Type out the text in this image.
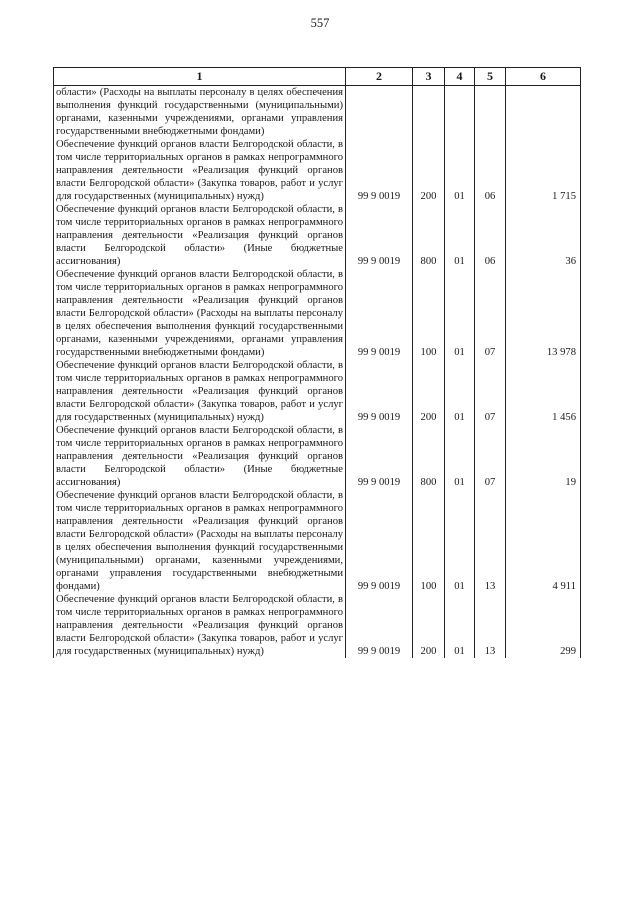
557
1	2	3	4	5	6
области» (Расходы на выплаты персоналу в целях обеспечения выполнения функций государственными (муниципальными) органами, казенными учреждениями, органами управления государственными внебюджетными фондами)					
Обеспечение функций органов власти Белгородской области, в том числе территориальных органов в рамках непрограммного направления деятельности «Реализация функций органов власти Белгородской области» (Закупка товаров, работ и услуг для государственных (муниципальных) нужд)	99 9 0019	200	01	06	1 715
Обеспечение функций органов власти Белгородской области, в том числе территориальных органов в рамках непрограммного направления деятельности «Реализация функций органов власти Белгородской области» (Иные бюджетные ассигнования)	99 9 0019	800	01	06	36
Обеспечение функций органов власти Белгородской области, в том числе территориальных органов в рамках непрограммного направления деятельности «Реализация функций органов власти Белгородской области» (Расходы на выплаты персоналу в целях обеспечения выполнения функций государственными органами, казенными учреждениями, органами управления государственными внебюджетными фондами)	99 9 0019	100	01	07	13 978
Обеспечение функций органов власти Белгородской области, в том числе территориальных органов в рамках непрограммного направления деятельности «Реализация функций органов власти Белгородской области» (Закупка товаров, работ и услуг для государственных (муниципальных) нужд)	99 9 0019	200	01	07	1 456
Обеспечение функций органов власти Белгородской области, в том числе территориальных органов в рамках непрограммного направления деятельности «Реализация функций органов власти Белгородской области» (Иные бюджетные ассигнования)	99 9 0019	800	01	07	19
Обеспечение функций органов власти Белгородской области, в том числе территориальных органов в рамках непрограммного направления деятельности «Реализация функций органов власти Белгородской области» (Расходы на выплаты персоналу в целях обеспечения выполнения функций государственными (муниципальными) органами, казенными учреждениями, органами управления государственными внебюджетными фондами)	99 9 0019	100	01	13	4 911
Обеспечение функций органов власти Белгородской области, в том числе территориальных органов в рамках непрограммного направления деятельности «Реализация функций органов власти Белгородской области» (Закупка товаров, работ и услуг для государственных (муниципальных) нужд)	99 9 0019	200	01	13	299
